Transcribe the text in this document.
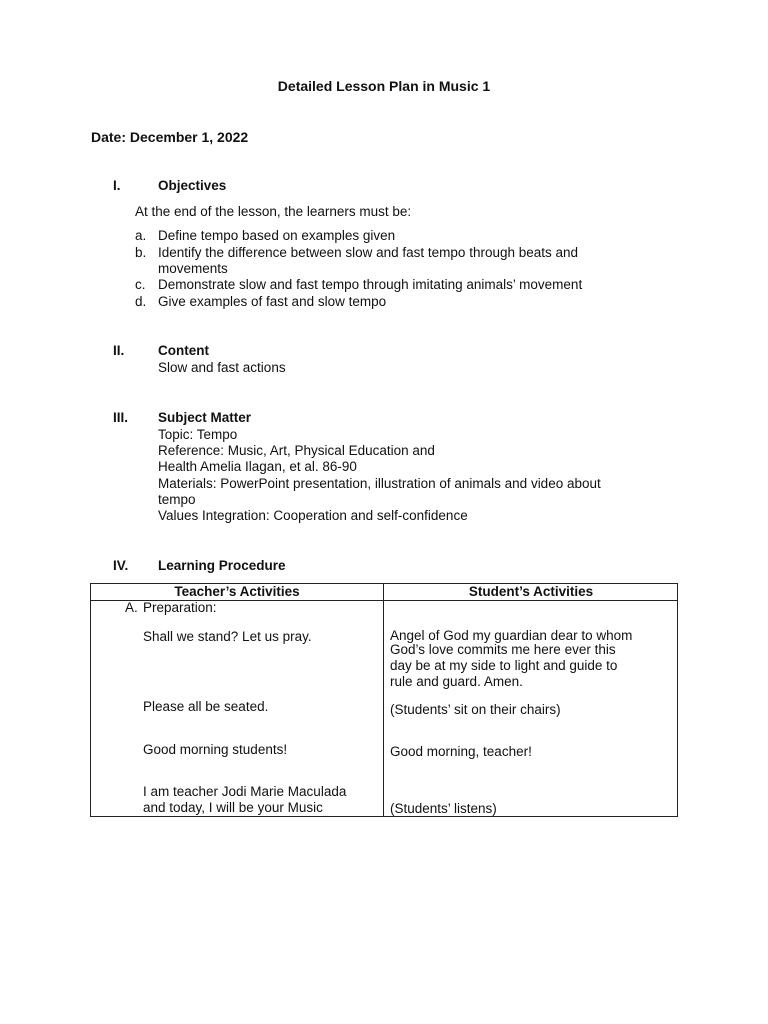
Detailed Lesson Plan in Music 1
Date: December 1, 2022
I.	Objectives
At the end of the lesson, the learners must be:
a. Define tempo based on examples given
b. Identify the difference between slow and fast tempo through beats and
movements
c. Demonstrate slow and fast tempo through imitating animals’ movement
d. Give examples of fast and slow tempo
II. Content
Slow and fast actions
III. Subject Matter
Topic: Tempo
Reference: Music, Art, Physical Education and
Health Amelia Ilagan, et al. 86-90
Materials: PowerPoint presentation, illustration of animals and video about
tempo
Values Integration: Cooperation and self-confidence
IV. Learning Procedure
Teacher’s Activities	Student’s Activities
A. Preparation:
Shall we stand? Let us pray.
Please all be seated.
Good morning students!
I am teacher Jodi Marie Maculada
and today, I will be your Music
Angel of God my guardian dear to whom
God’s love commits me here ever this
day be at my side to light and guide to
rule and guard. Amen.
(Students’ sit on their chairs)
Good morning, teacher!
(Students’ listens)
